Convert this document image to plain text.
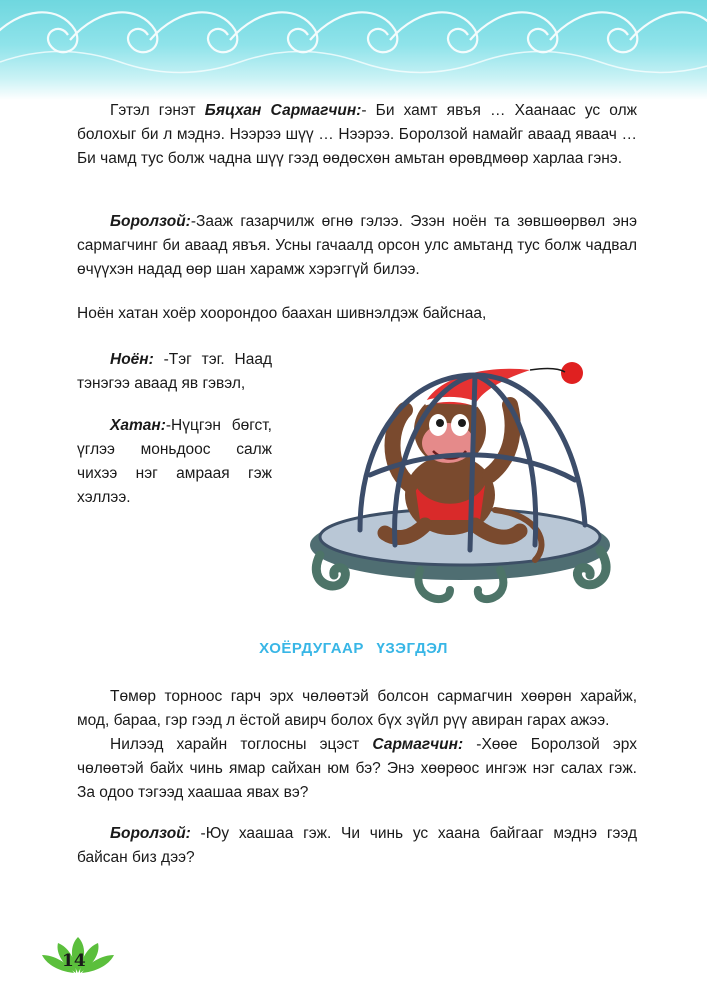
Гэтэл гэнэт Бяцхан Сармагчин:- Би хамт явъя … Хаанаас ус олж болохыг би л мэднэ. Нээрээ шүү … Нээрээ. Боролзой намайг аваад яваач … Би чамд тус болж чадна шүү гээд өөдөсхөн амьтан өрөвдмөөр харлаа гэнэ.

Боролзой:-Зааж газарчилж өгнө гэлээ. Эзэн ноён та зөвшөөрвөл энэ сармагчинг би аваад явъя. Усны гачаалд орсон улс амьтанд тус болж чадвал өчүүхэн надад өөр шан харамж хэрэггүй билээ.

Ноён хатан хоёр хоорондоо баахан шивнэлдэж байснаа,

Ноён: -Тэг тэг. Наад тэнэгээ аваад яв гэвэл,

Хатан:-Нүцгэн бөгст, үглээ моньдоос салж чихээ нэг амраая гэж хэллээ.

ХОЁРДУГААР ҮЗЭГДЭЛ

Төмөр торноос гарч эрх чөлөөтэй болсон сармагчин хөөрөн харайж, мод, бараа, гэр гээд л ёстой авирч болох бүх зүйл рүү авиран гарах ажээ.

Нилээд харайн тоглосны эцэст Сармагчин: -Хөөе Боролзой эрх чөлөөтэй байх чинь ямар сайхан юм бэ? Энэ хөөрөос ингэж нэг салах гэж. За одоо тэгээд хаашаа явах вэ?

Боролзой: -Юу хаашаа гэж. Чи чинь ус хаана байгааг мэднэ гээд байсан биз дээ?

14
